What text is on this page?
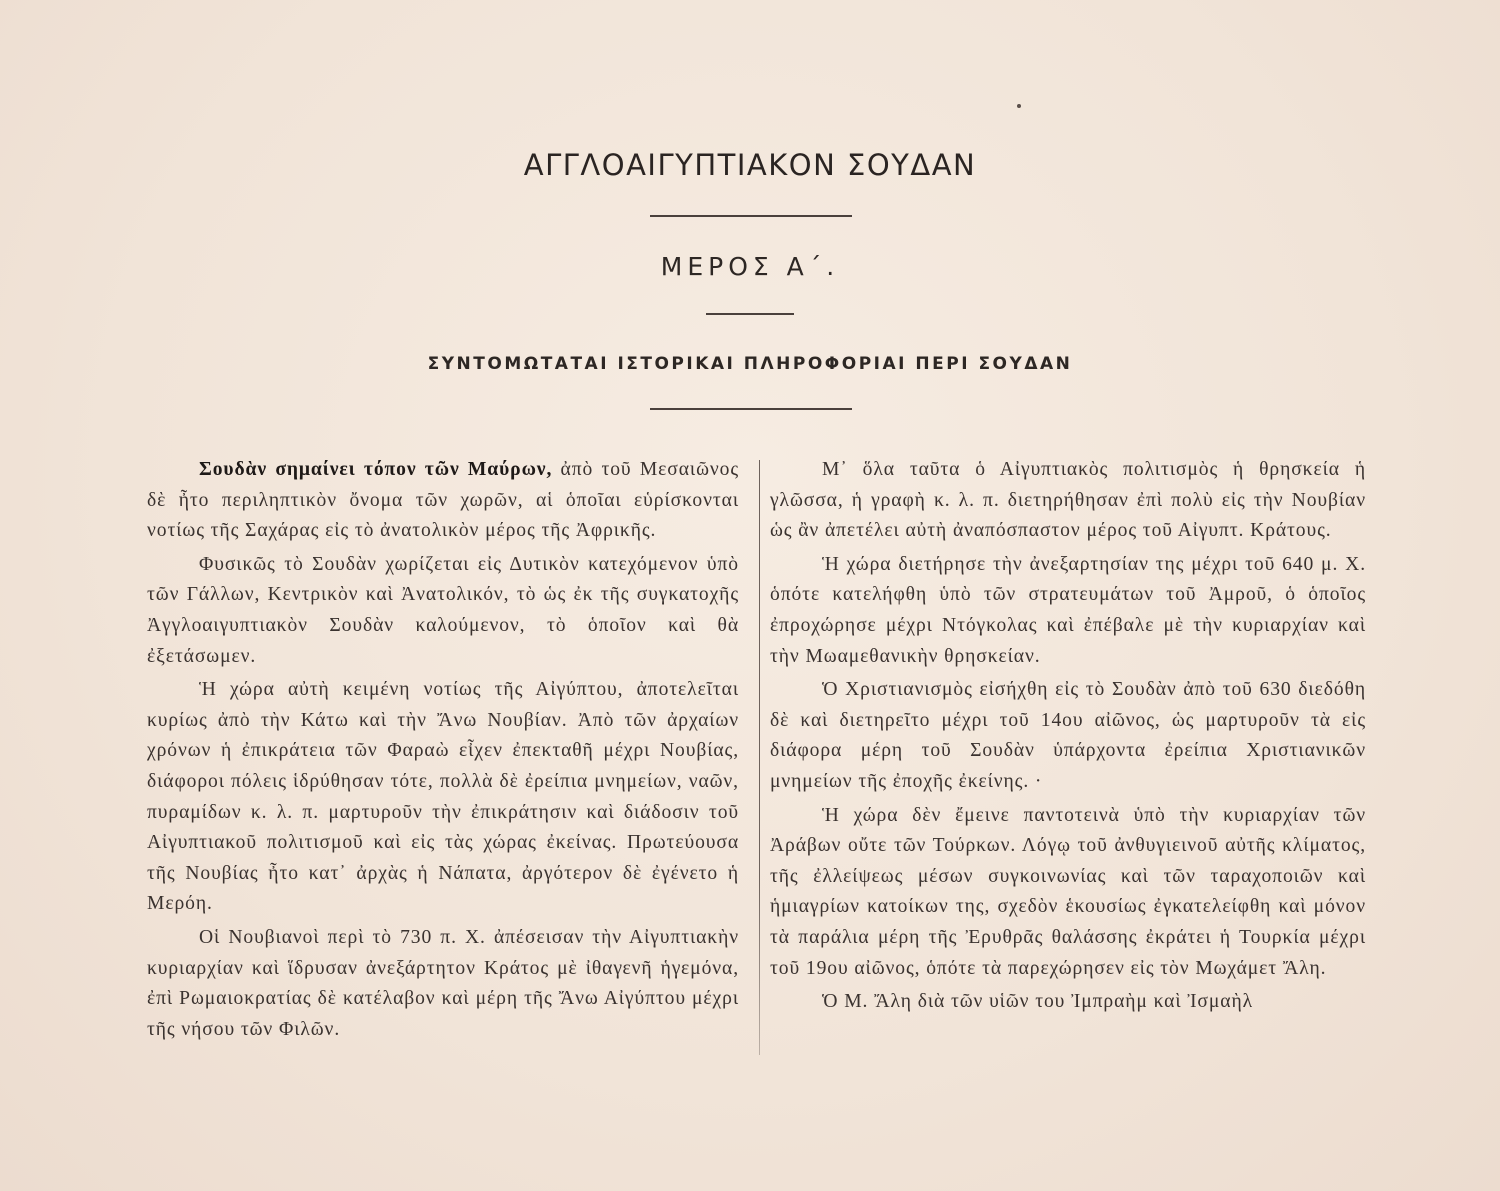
ΑΓΓΛΟΑΙΓΥΠΤΙΑΚΟΝ ΣΟΥΔΑΝ
ΜΕΡΟΣ Α΄.
ΣΥΝΤΟΜΩΤΑΤΑΙ ΙΣΤΟΡΙΚΑΙ ΠΛΗΡΟΦΟΡΙΑΙ ΠΕΡΙ ΣΟΥΔΑΝ

Σουδὰν σημαίνει τόπον τῶν Μαύρων, ἀπὸ τοῦ Μεσαιῶνος δὲ ἦτο περιληπτικὸν ὄνομα τῶν χωρῶν, αἱ ὁποῖαι εὑρίσκονται νοτίως τῆς Σαχάρας εἰς τὸ ἀνατολικὸν μέρος τῆς Ἀφρικῆς.

Φυσικῶς τὸ Σουδὰν χωρίζεται εἰς Δυτικὸν κατεχόμενον ὑπὸ τῶν Γάλλων, Κεντρικὸν καὶ Ἀνατολικόν, τὸ ὡς ἐκ τῆς συγκατοχῆς Ἀγγλοαιγυπτιακὸν Σουδὰν καλούμενον, τὸ ὁποῖον καὶ θὰ ἐξετάσωμεν.

Ἡ χώρα αὐτὴ κειμένη νοτίως τῆς Αἰγύπτου, ἀποτελεῖται κυρίως ἀπὸ τὴν Κάτω καὶ τὴν Ἄνω Νουβίαν. Ἀπὸ τῶν ἀρχαίων χρόνων ἡ ἐπικράτεια τῶν Φαραὼ εἶχεν ἐπεκταθῆ μέχρι Νουβίας, διάφοροι πόλεις ἱδρύθησαν τότε, πολλὰ δὲ ἐρείπια μνημείων, ναῶν, πυραμίδων κ. λ. π. μαρτυροῦν τὴν ἐπικράτησιν καὶ διάδοσιν τοῦ Αἰγυπτιακοῦ πολιτισμοῦ καὶ εἰς τὰς χώρας ἐκείνας. Πρωτεύουσα τῆς Νουβίας ἦτο κατ᾽ ἀρχὰς ἡ Νάπατα, ἀργότερον δὲ ἐγένετο ἡ Μερόη.

Οἱ Νουβιανοὶ περὶ τὸ 730 π. Χ. ἀπέσεισαν τὴν Αἰγυπτιακὴν κυριαρχίαν καὶ ἵδρυσαν ἀνεξάρτητον Κράτος μὲ ἰθαγενῆ ἡγεμόνα, ἐπὶ Ρωμαιοκρατίας δὲ κατέλαβον καὶ μέρη τῆς Ἄνω Αἰγύπτου μέχρι τῆς νήσου τῶν Φιλῶν.

Μ᾽ ὅλα ταῦτα ὁ Αἰγυπτιακὸς πολιτισμὸς ἡ θρησκεία ἡ γλῶσσα, ἡ γραφὴ κ. λ. π. διετηρήθησαν ἐπὶ πολὺ εἰς τὴν Νουβίαν ὡς ἂν ἀπετέλει αὐτὴ ἀναπόσπαστον μέρος τοῦ Αἰγυπτ. Κράτους.

Ἡ χώρα διετήρησε τὴν ἀνεξαρτησίαν της μέχρι τοῦ 640 μ. Χ. ὁπότε κατελήφθη ὑπὸ τῶν στρατευμάτων τοῦ Ἀμροῦ, ὁ ὁποῖος ἐπροχώρησε μέχρι Ντόγκολας καὶ ἐπέβαλε μὲ τὴν κυριαρχίαν καὶ τὴν Μωαμεθανικὴν θρησκείαν.

Ὁ Χριστιανισμὸς εἰσήχθη εἰς τὸ Σουδὰν ἀπὸ τοῦ 630 διεδόθη δὲ καὶ διετηρεῖτο μέχρι τοῦ 14ου αἰῶνος, ὡς μαρτυροῦν τὰ εἰς διάφορα μέρη τοῦ Σουδὰν ὑπάρχοντα ἐρείπια Χριστιανικῶν μνημείων τῆς ἐποχῆς ἐκείνης. ·

Ἡ χώρα δὲν ἔμεινε παντοτεινὰ ὑπὸ τὴν κυριαρχίαν τῶν Ἀράβων οὔτε τῶν Τούρκων. Λόγῳ τοῦ ἀνθυγιεινοῦ αὐτῆς κλίματος, τῆς ἐλλείψεως μέσων συγκοινωνίας καὶ τῶν ταραχοποιῶν καὶ ἡμιαγρίων κατοίκων της, σχεδὸν ἑκουσίως ἐγκατελείφθη καὶ μόνον τὰ παράλια μέρη τῆς Ἐρυθρᾶς θαλάσσης ἐκράτει ἡ Τουρκία μέχρι τοῦ 19ου αἰῶνος, ὁπότε τὰ παρεχώρησεν εἰς τὸν Μωχάμετ Ἄλη.

Ὁ Μ. Ἄλη διὰ τῶν υἱῶν του Ἰμπραὴμ καὶ Ἰσμαὴλ
